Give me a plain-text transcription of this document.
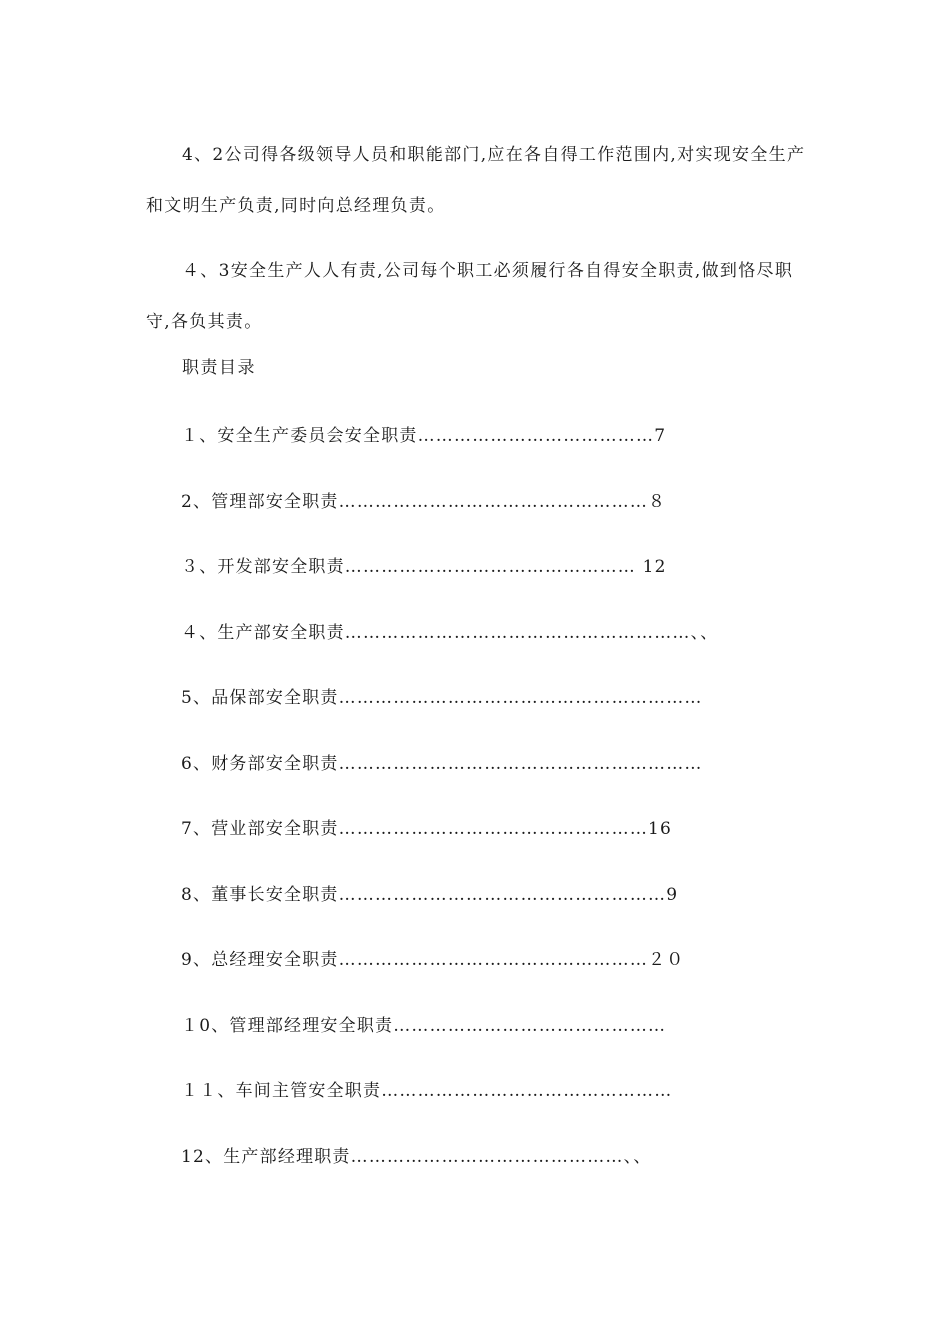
4、2公司得各级领导人员和职能部门,应在各自得工作范围内,对实现安全生产和文明生产负责,同时向总经理负责。

４、3安全生产人人有责,公司每个职工必须履行各自得安全职责,做到恪尽职守,各负其责。

职责目录
１、安全生产委员会安全职责…………………………………7
2、管理部安全职责……………………………………………８
３、开发部安全职责………………………………………… 12
４、生产部安全职责…………………………………………………、、
5、品保部安全职责……………………………………………………
6、财务部安全职责……………………………………………………
7、营业部安全职责……………………………………………16
8、董事长安全职责………………………………………………9
9、总经理安全职责……………………………………………２０
１0、管理部经理安全职责………………………………………
１１、车间主管安全职责…………………………………………
12、生产部经理职责………………………………………、、
